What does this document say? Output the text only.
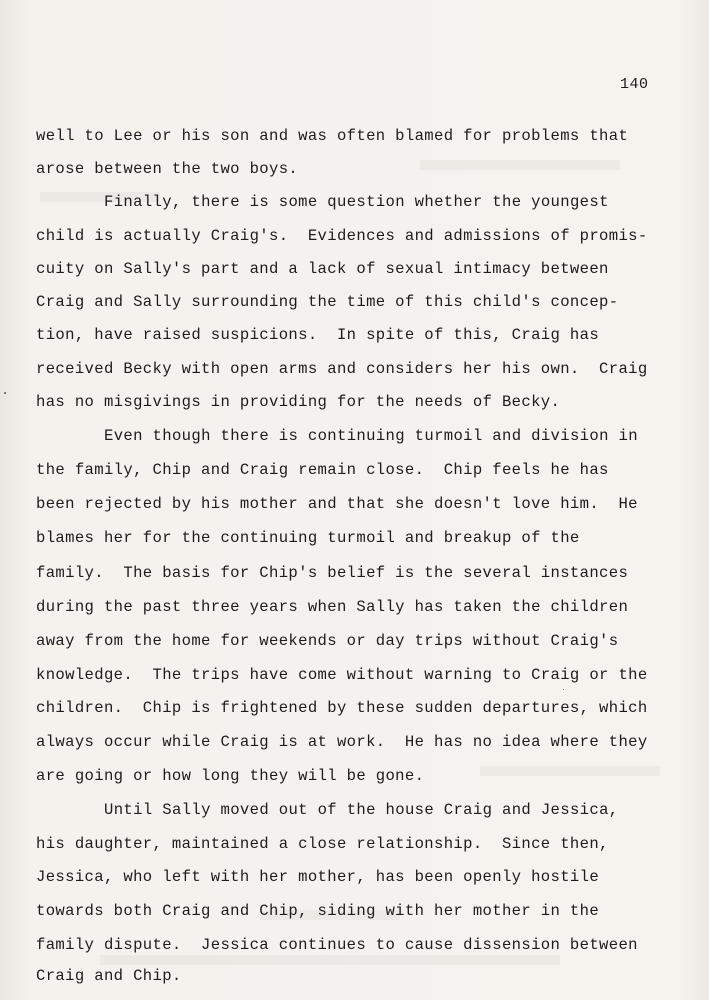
140
well to Lee or his son and was often blamed for problems that
arose between the two boys.
Finally, there is some question whether the youngest
child is actually Craig's.  Evidences and admissions of promis-
cuity on Sally's part and a lack of sexual intimacy between
Craig and Sally surrounding the time of this child's concep-
tion, have raised suspicions.  In spite of this, Craig has
received Becky with open arms and considers her his own.  Craig
has no misgivings in providing for the needs of Becky.
Even though there is continuing turmoil and division in
the family, Chip and Craig remain close.  Chip feels he has
been rejected by his mother and that she doesn't love him.  He
blames her for the continuing turmoil and breakup of the
family.  The basis for Chip's belief is the several instances
during the past three years when Sally has taken the children
away from the home for weekends or day trips without Craig's
knowledge.  The trips have come without warning to Craig or the
children.  Chip is frightened by these sudden departures, which
always occur while Craig is at work.  He has no idea where they
are going or how long they will be gone.
Until Sally moved out of the house Craig and Jessica,
his daughter, maintained a close relationship.  Since then,
Jessica, who left with her mother, has been openly hostile
towards both Craig and Chip, siding with her mother in the
family dispute.  Jessica continues to cause dissension between
Craig and Chip.
